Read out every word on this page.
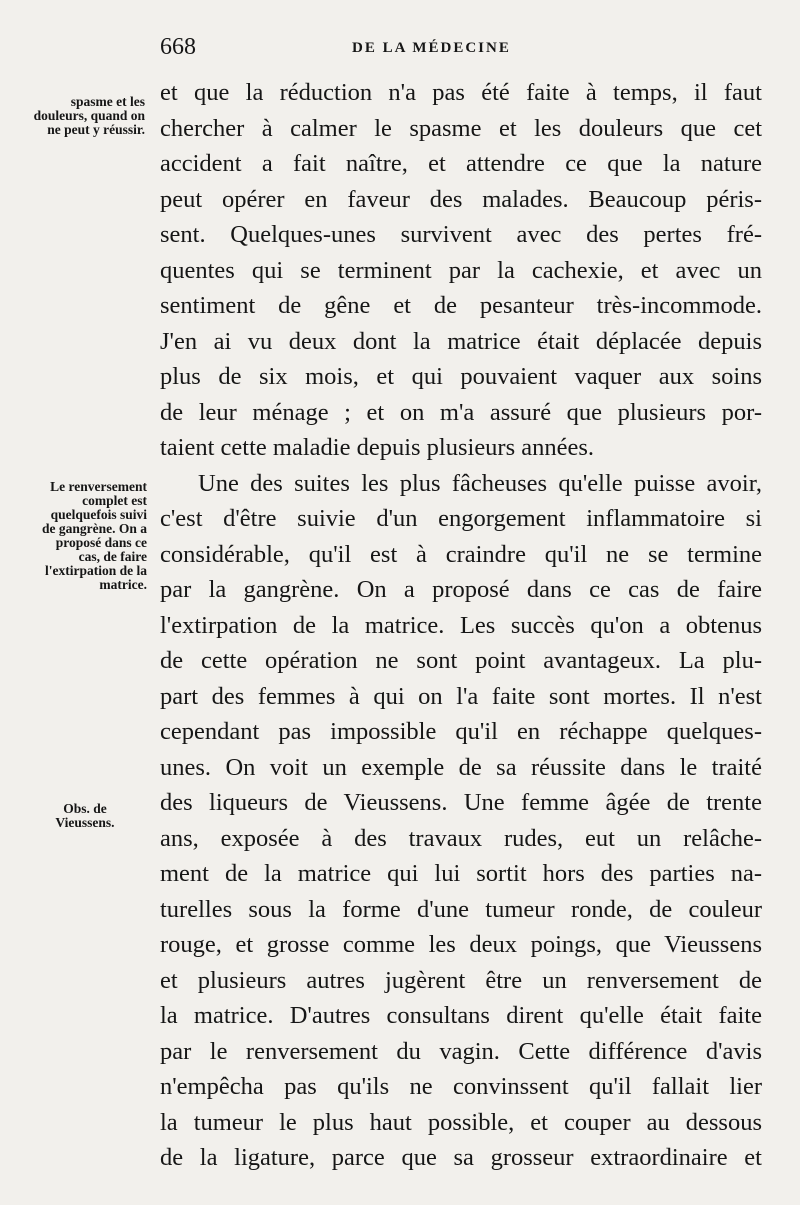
668	DE LA MÉDECINE
spasme et les douleurs, quand on ne peut y réussir.
Le renversement complet est quelquefois suivi de gangrène. On a proposé dans ce cas, de faire l'extirpation de la matrice.
Obs. de Vieussens.
et que la réduction n'a pas été faite à temps, il faut
chercher à calmer le spasme et les douleurs que cet
accident a fait naître, et attendre ce que la nature
peut opérer en faveur des malades. Beaucoup péris-
sent. Quelques-unes survivent avec des pertes fré-
quentes qui se terminent par la cachexie, et avec un
sentiment de gêne et de pesanteur très-incommode.
J'en ai vu deux dont la matrice était déplacée depuis
plus de six mois, et qui pouvaient vaquer aux soins
de leur ménage ; et on m'a assuré que plusieurs por-
taient cette maladie depuis plusieurs années.
Une des suites les plus fâcheuses qu'elle puisse avoir,
c'est d'être suivie d'un engorgement inflammatoire si
considérable, qu'il est à craindre qu'il ne se termine
par la gangrène. On a proposé dans ce cas de faire
l'extirpation de la matrice. Les succès qu'on a obtenus
de cette opération ne sont point avantageux. La plu-
part des femmes à qui on l'a faite sont mortes. Il n'est
cependant pas impossible qu'il en réchappe quelques-
unes. On voit un exemple de sa réussite dans le traité
des liqueurs de Vieussens. Une femme âgée de trente
ans, exposée à des travaux rudes, eut un relâche-
ment de la matrice qui lui sortit hors des parties na-
turelles sous la forme d'une tumeur ronde, de couleur
rouge, et grosse comme les deux poings, que Vieussens
et plusieurs autres jugèrent être un renversement de
la matrice. D'autres consultans dirent qu'elle était faite
par le renversement du vagin. Cette différence d'avis
n'empêcha pas qu'ils ne convinssent qu'il fallait lier
la tumeur le plus haut possible, et couper au dessous
de la ligature, parce que sa grosseur extraordinaire et
